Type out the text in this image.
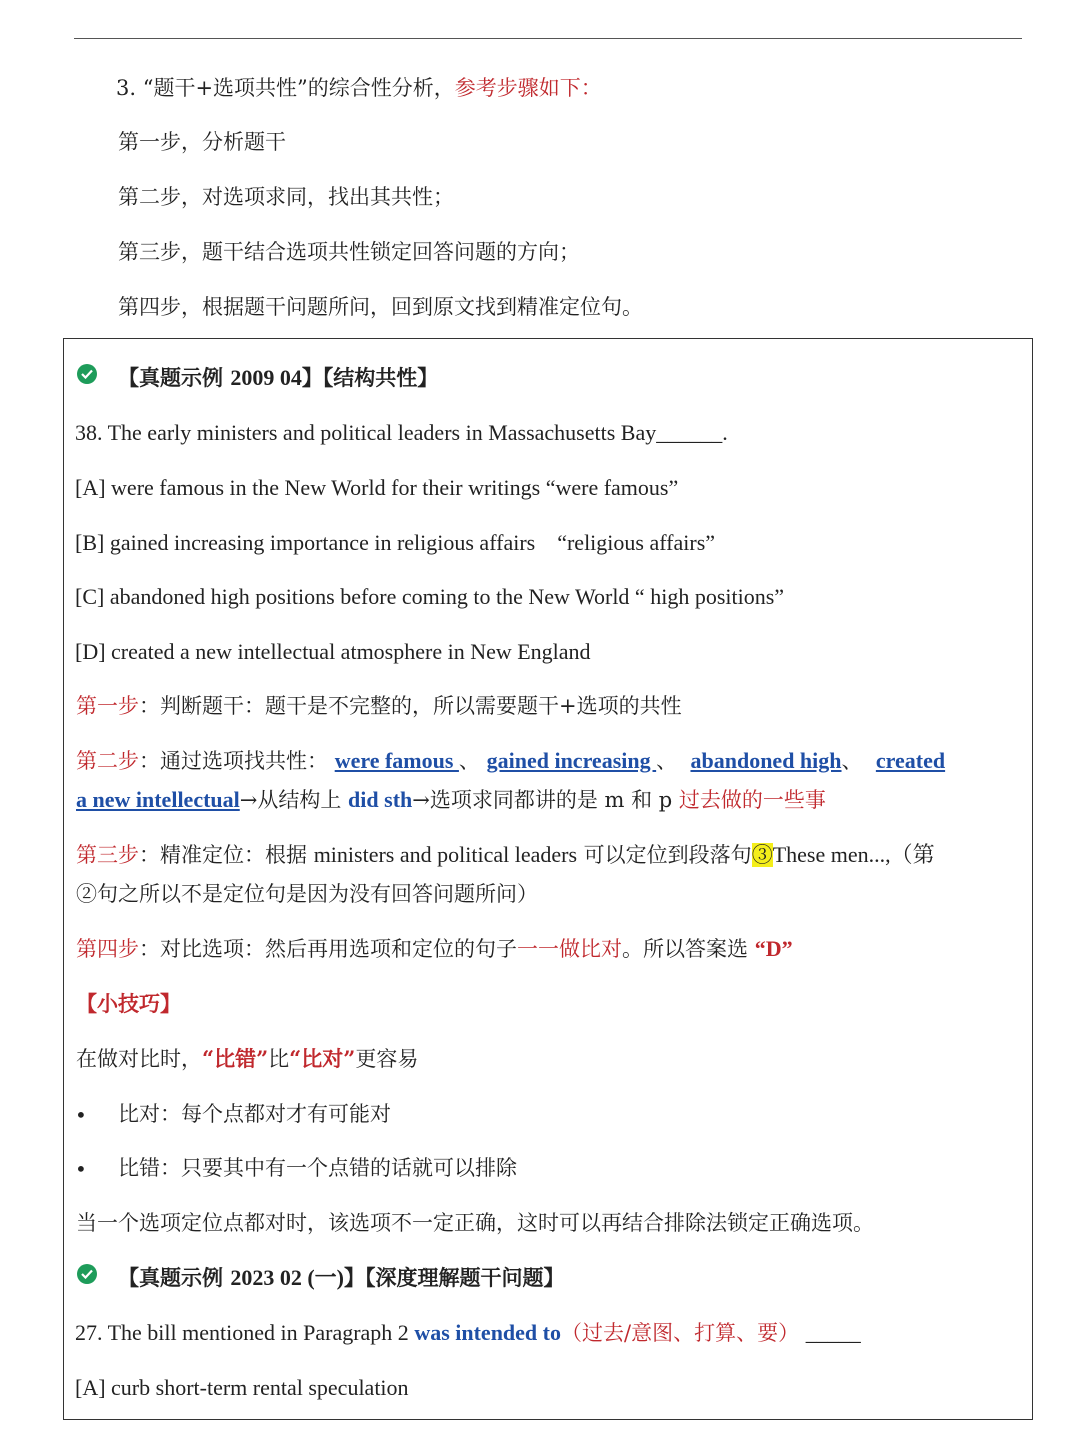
3. “题干+选项共性”的综合性分析，参考步骤如下：
第一步，分析题干
第二步，对选项求同，找出其共性；
第三步，题干结合选项共性锁定回答问题的方向；
第四步，根据题干问题所问，回到原文找到精准定位句。
【真题示例 2009 04】【结构共性】
38. The early ministers and political leaders in Massachusetts Bay______.
[A] were famous in the New World for their writings “were famous”
[B] gained increasing importance in religious affairs　“religious affairs”
[C] abandoned high positions before coming to the New World “ high positions”
[D] created a new intellectual atmosphere in New England
第一步：判断题干：题干是不完整的，所以需要题干+选项的共性
第二步：通过选项找共性： were famous 、 gained increasing 、 abandoned high、 created
a new intellectual→从结构上 did sth→选项求同都讲的是 m 和 p 过去做的一些事
第三步：精准定位：根据 ministers and political leaders 可以定位到段落句③These men...,（第
②句之所以不是定位句是因为没有回答问题所问）
第四步：对比选项：然后再用选项和定位的句子一一做比对。所以答案选 “D”
【小技巧】
在做对比时，“比错”比“比对”更容易
• 比对：每个点都对才有可能对
• 比错：只要其中有一个点错的话就可以排除
当一个选项定位点都对时，该选项不一定正确，这时可以再结合排除法锁定正确选项。
【真题示例 2023 02 (一)】【深度理解题干问题】
27. The bill mentioned in Paragraph 2 was intended to（过去/意图、打算、要） _____
[A] curb short-term rental speculation
